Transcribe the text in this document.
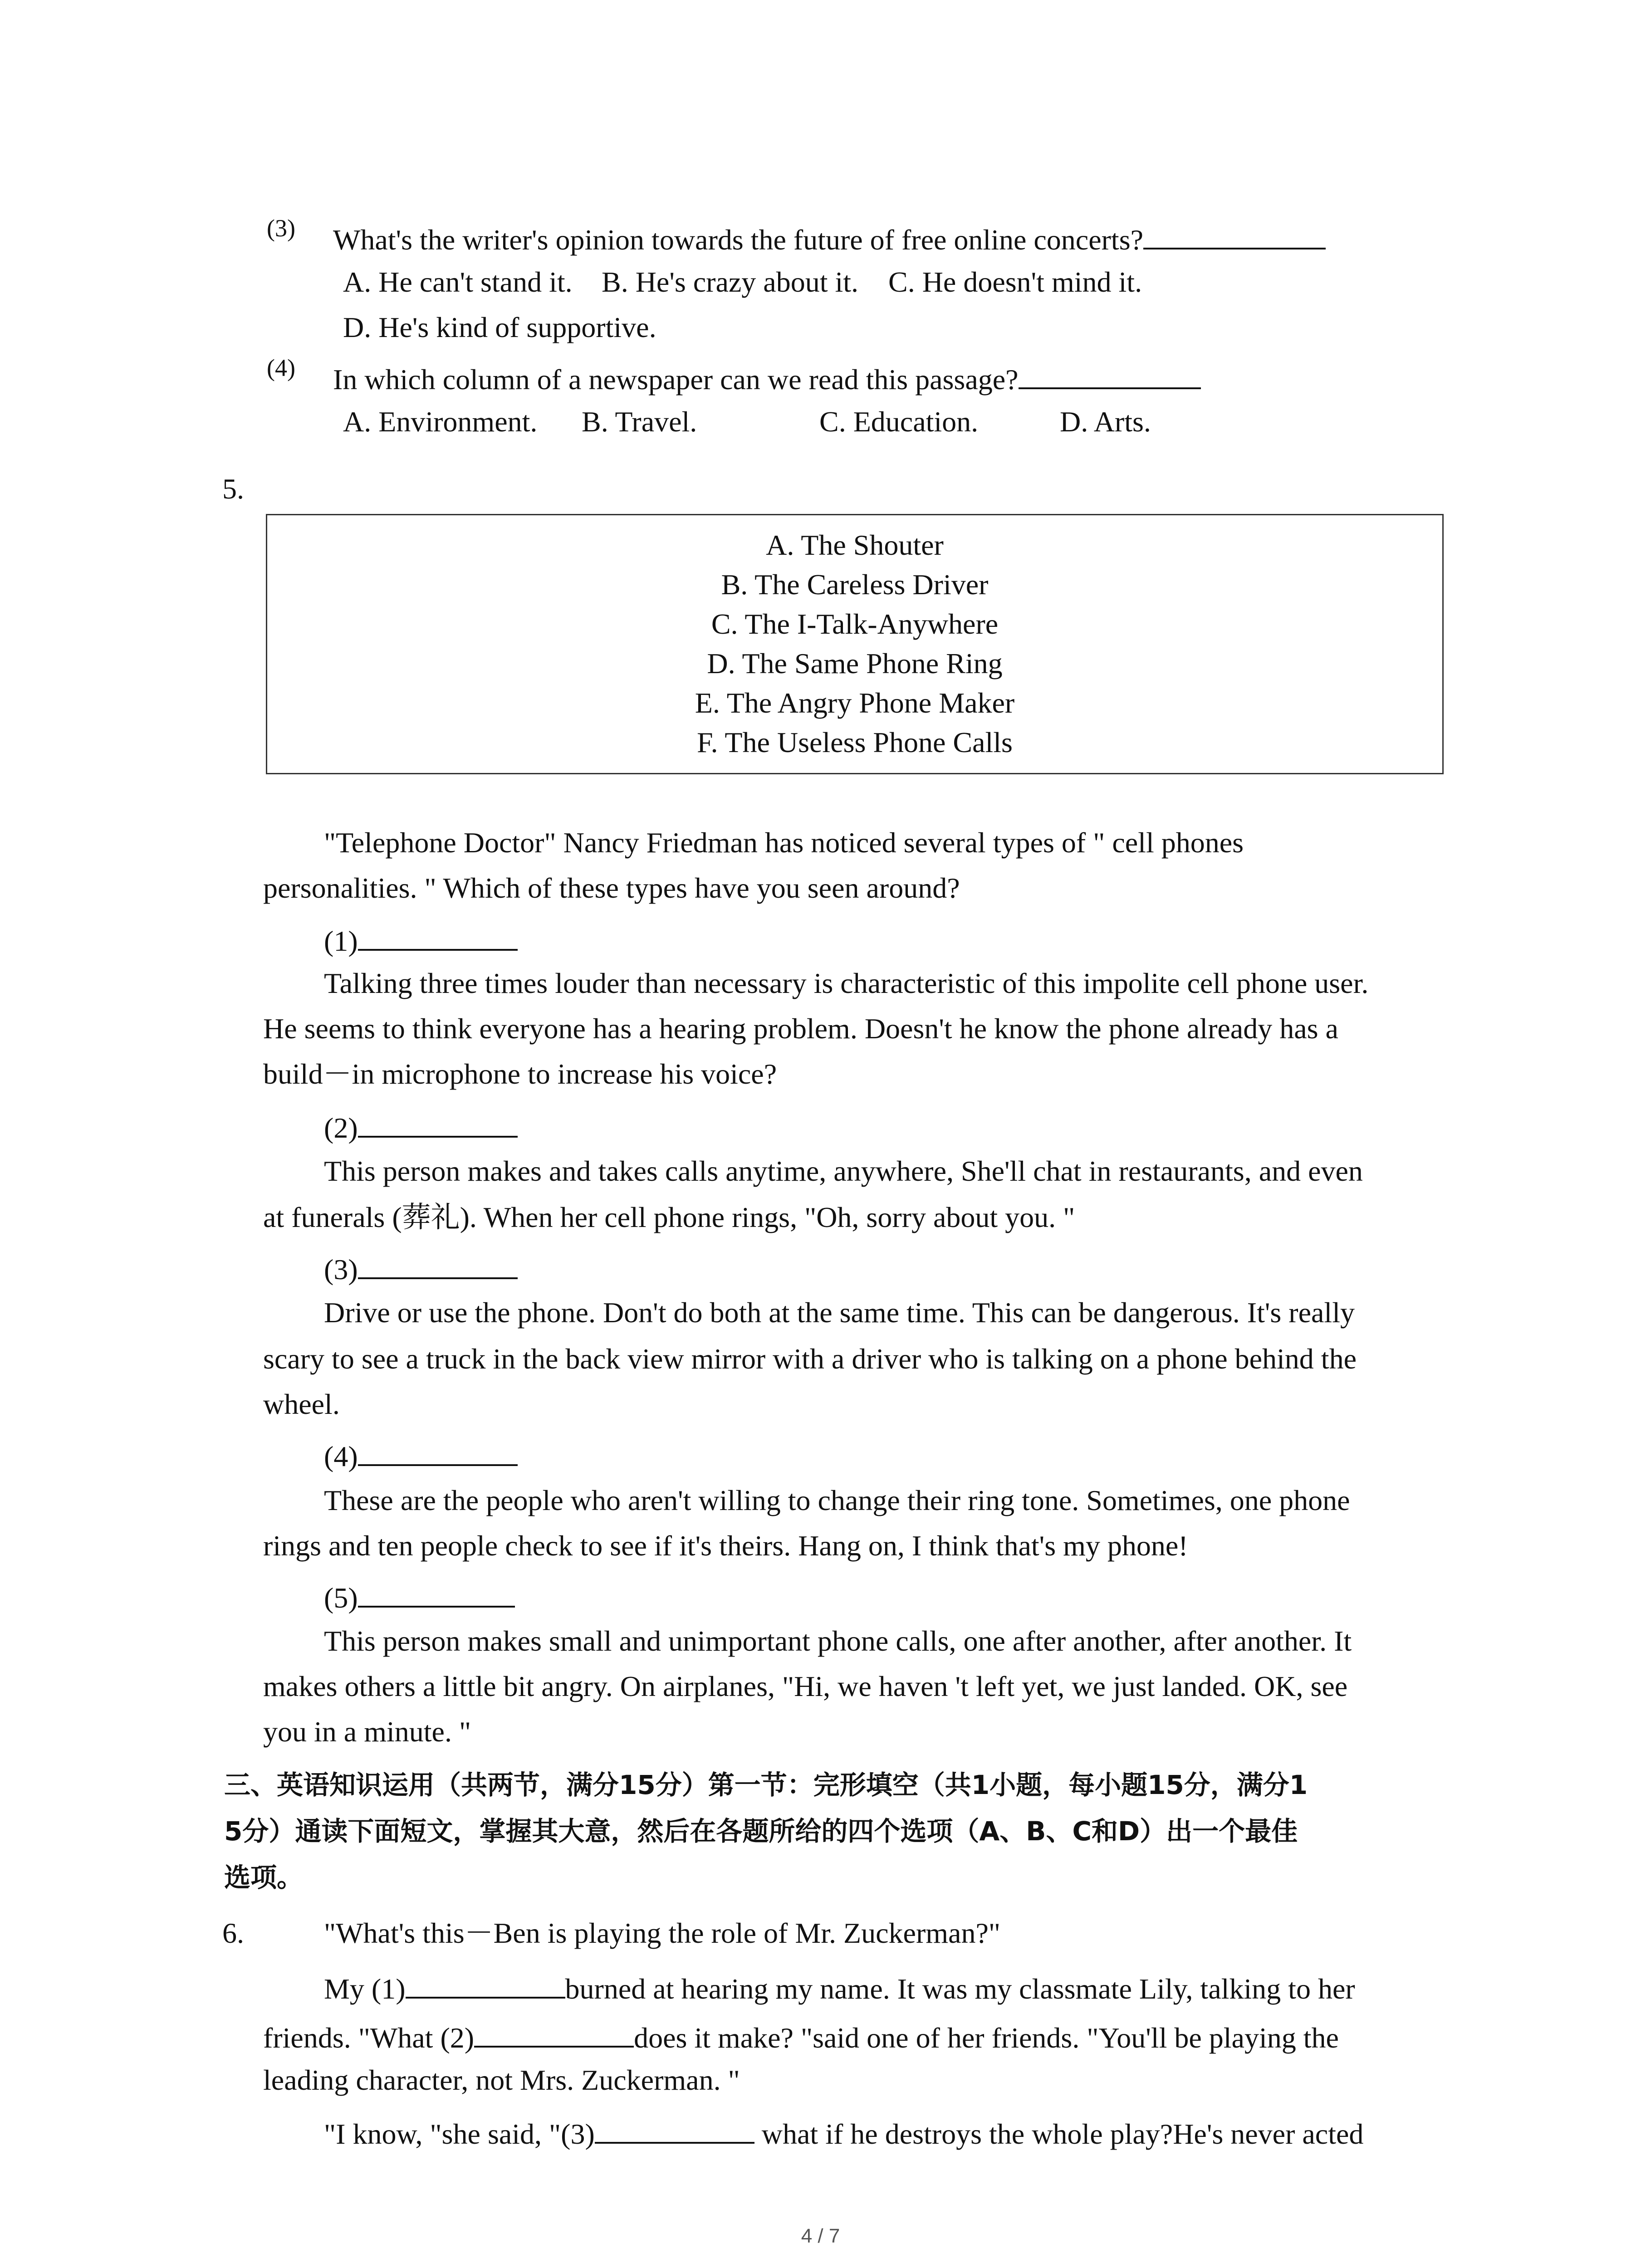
(3) What's the writer's opinion towards the future of free online concerts?
A. He can't stand it. B. He's crazy about it. C. He doesn't mind it.
D. He's kind of supportive.
(4) In which column of a newspaper can we read this passage?
A. Environment. B. Travel.	C. Education.	D. Arts.
5.
A. The Shouter
B. The Careless Driver
C. The I-Talk-Anywhere
D. The Same Phone Ring
E. The Angry Phone Maker
F. The Useless Phone Calls
"Telephone Doctor" Nancy Friedman has noticed several types of " cell phones
personalities. " Which of these types have you seen around?
(1)
Talking three times louder than necessary is characteristic of this impolite cell phone user.
He seems to think everyone has a hearing problem. Doesn't he know the phone already has a
build－in microphone to increase his voice?
(2)
This person makes and takes calls anytime, anywhere, She'll chat in restaurants, and even
at funerals (葬礼). When her cell phone rings, "Oh, sorry about you. "
(3)
Drive or use the phone. Don't do both at the same time. This can be dangerous. It's really
scary to see a truck in the back view mirror with a driver who is talking on a phone behind the
wheel.
(4)
These are the people who aren't willing to change their ring tone. Sometimes, one phone
rings and ten people check to see if it's theirs. Hang on, I think that's my phone!
(5)
This person makes small and unimportant phone calls, one after another, after another. It
makes others a little bit angry. On airplanes, "Hi, we haven 't left yet, we just landed. OK, see
you in a minute. "
三、英语知识运用（共两节，满分15分）第一节：完形填空（共1小题，每小题15分，满分1
5分）通读下面短文，掌握其大意，然后在各题所给的四个选项（A、B、C和D）出一个最佳
选项。
6.	"What's this－Ben is playing the role of Mr. Zuckerman?"
My (1)	burned at hearing my name. It was my classmate Lily, talking to her
friends. "What (2)	does it make? "said one of her friends. "You'll be playing the
leading character, not Mrs. Zuckerman. "
"I know, "she said, "(3)	what if he destroys the whole play?He's never acted
4 / 7
